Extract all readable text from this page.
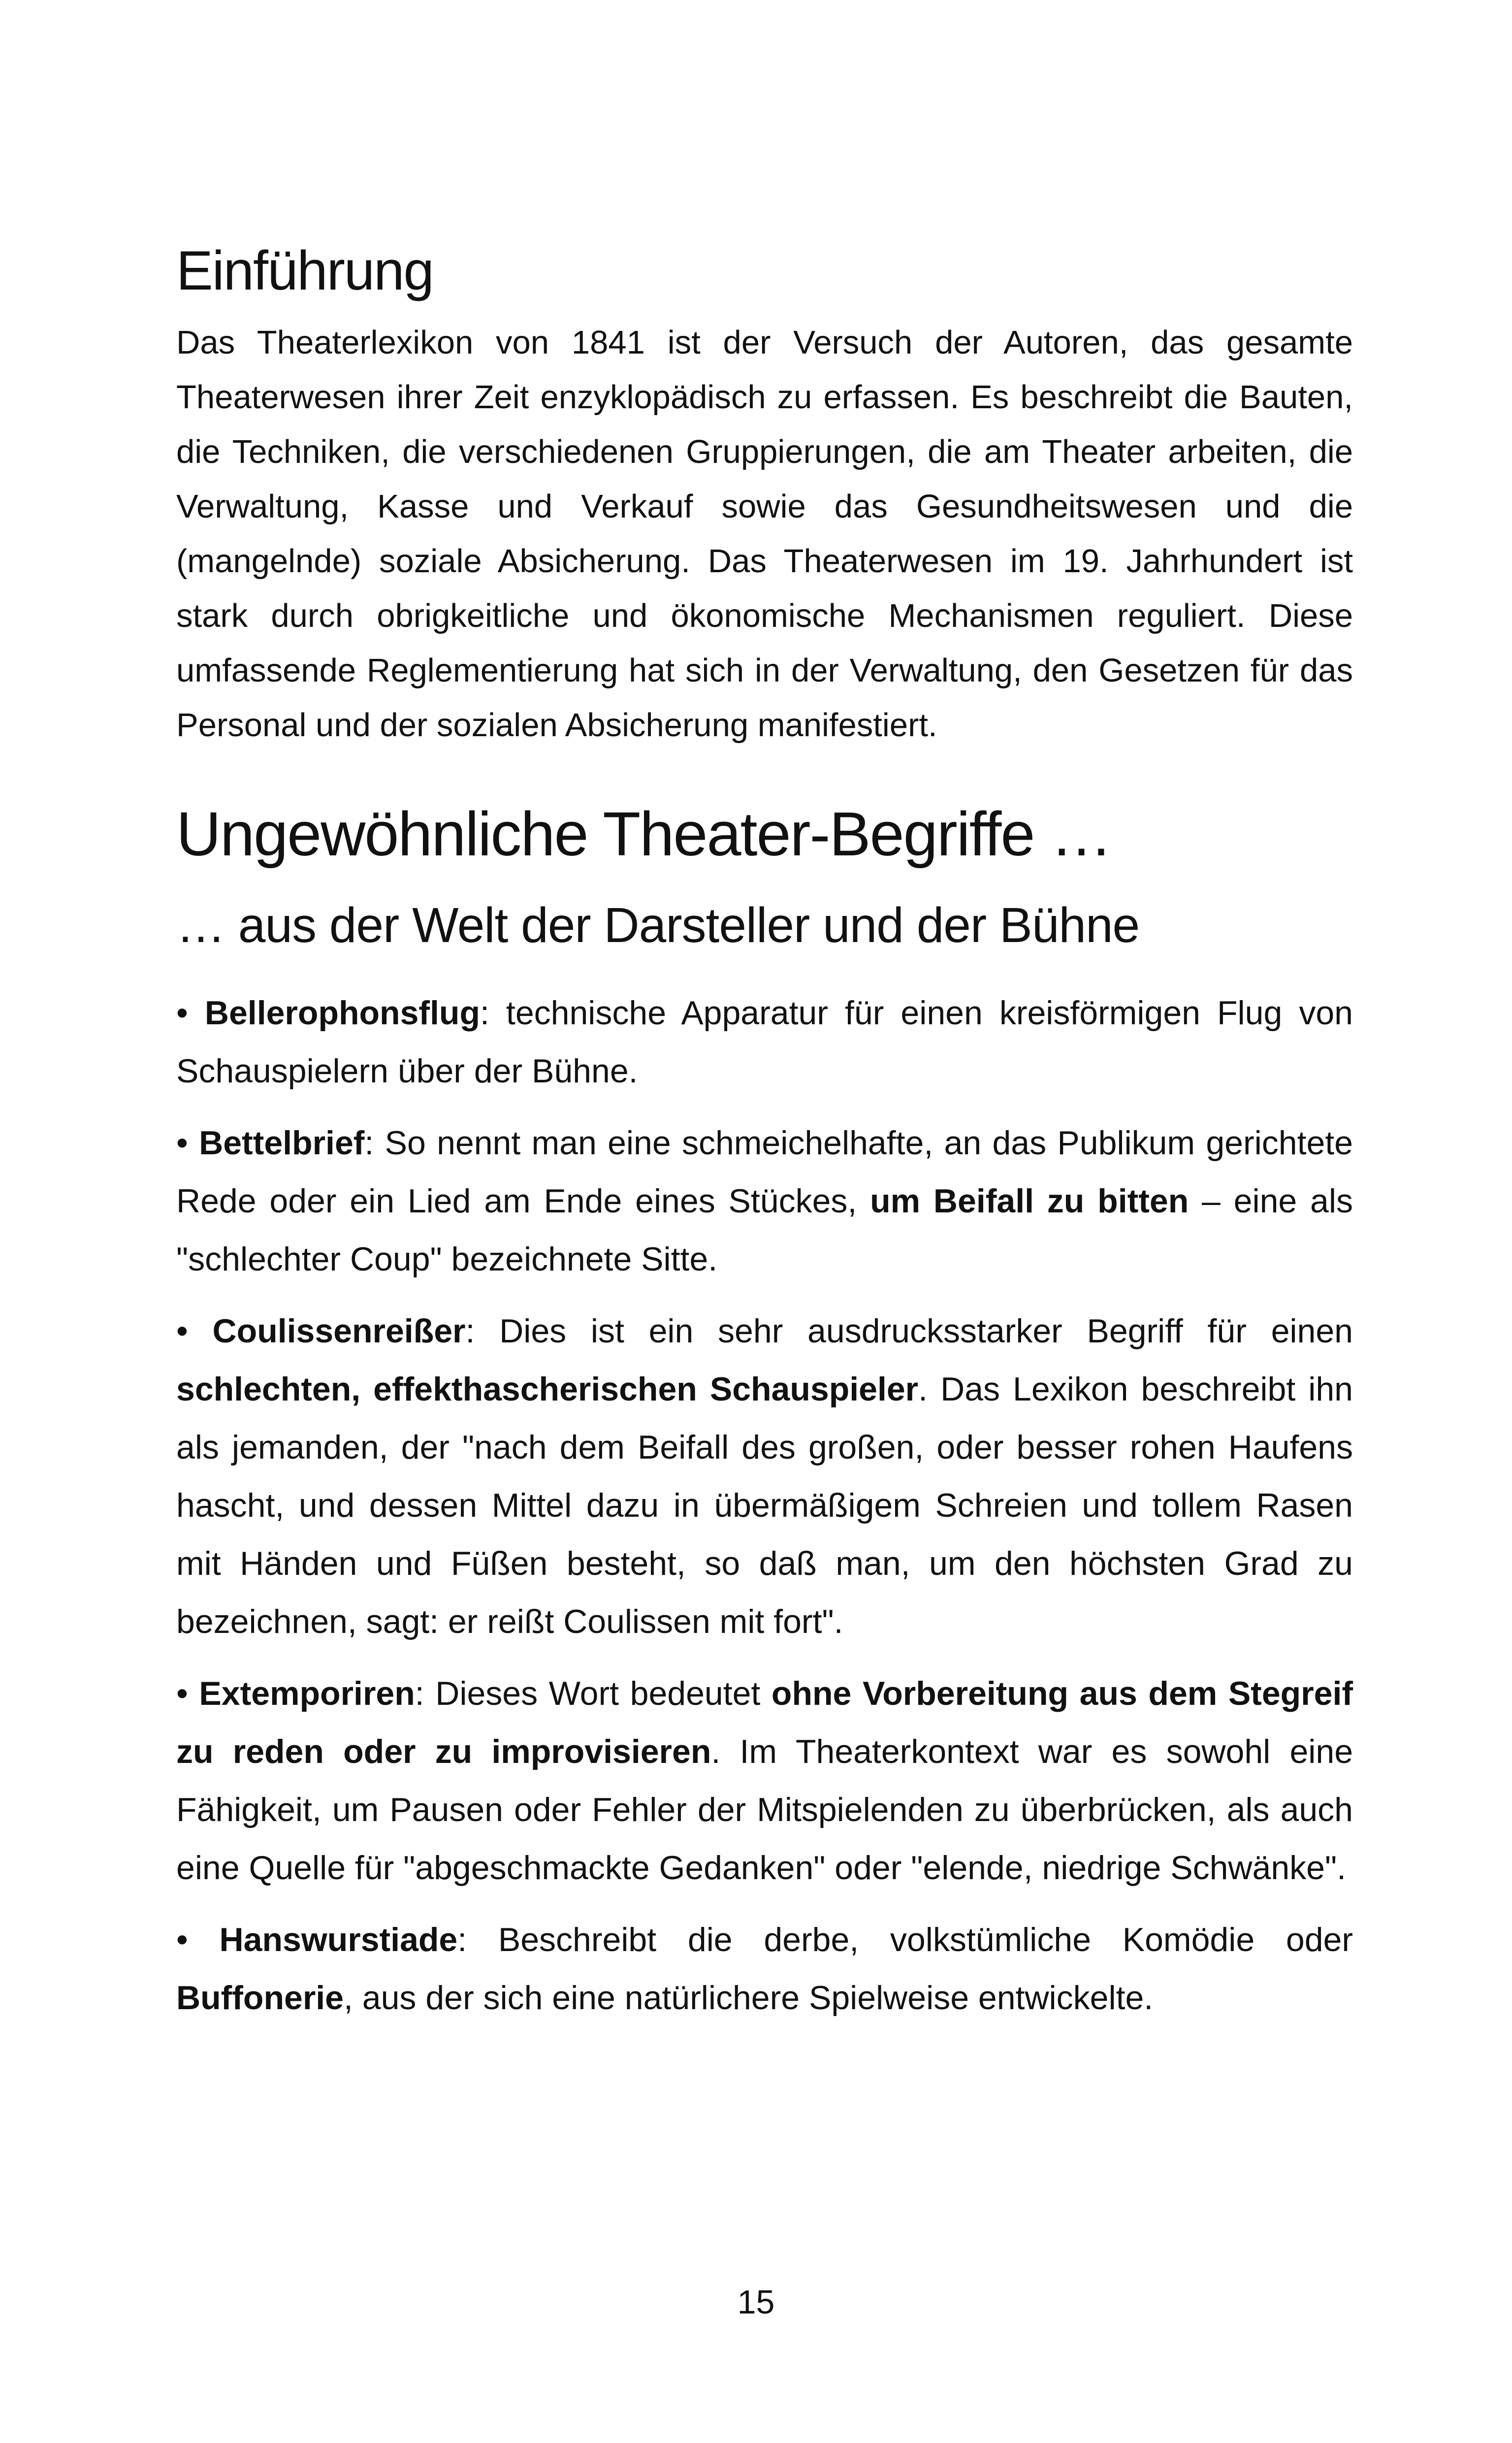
Einführung

Das Theaterlexikon von 1841 ist der Versuch der Autoren, das gesamte Theaterwesen ihrer Zeit enzyklopädisch zu erfassen. Es beschreibt die Bauten, die Techniken, die verschiedenen Gruppierungen, die am Theater arbeiten, die Verwaltung, Kasse und Verkauf sowie das Gesundheitswesen und die (mangelnde) soziale Absicherung. Das Theaterwesen im 19. Jahrhundert ist stark durch obrigkeitliche und ökonomische Mechanismen reguliert. Diese umfassende Reglementierung hat sich in der Verwaltung, den Gesetzen für das Personal und der sozialen Absicherung manifestiert.

Ungewöhnliche Theater-Begriffe …
… aus der Welt der Darsteller und der Bühne

• Bellerophonsflug: technische Apparatur für einen kreisförmigen Flug von Schauspielern über der Bühne.

• Bettelbrief: So nennt man eine schmeichelhafte, an das Publikum gerichtete Rede oder ein Lied am Ende eines Stückes, um Beifall zu bitten – eine als "schlechter Coup" bezeichnete Sitte.

• Coulissenreißer: Dies ist ein sehr ausdrucksstarker Begriff für einen schlechten, effekthascherischen Schauspieler. Das Lexikon beschreibt ihn als jemanden, der "nach dem Beifall des großen, oder besser rohen Haufens hascht, und dessen Mittel dazu in übermäßigem Schreien und tollem Rasen mit Händen und Füßen besteht, so daß man, um den höchsten Grad zu bezeichnen, sagt: er reißt Coulissen mit fort".

• Extemporiren: Dieses Wort bedeutet ohne Vorbereitung aus dem Stegreif zu reden oder zu improvisieren. Im Theaterkontext war es sowohl eine Fähigkeit, um Pausen oder Fehler der Mitspielenden zu überbrücken, als auch eine Quelle für "abgeschmackte Gedanken" oder "elende, niedrige Schwänke".

• Hanswurstiade: Beschreibt die derbe, volkstümliche Komödie oder Buffonerie, aus der sich eine natürlichere Spielweise entwickelte.

15
